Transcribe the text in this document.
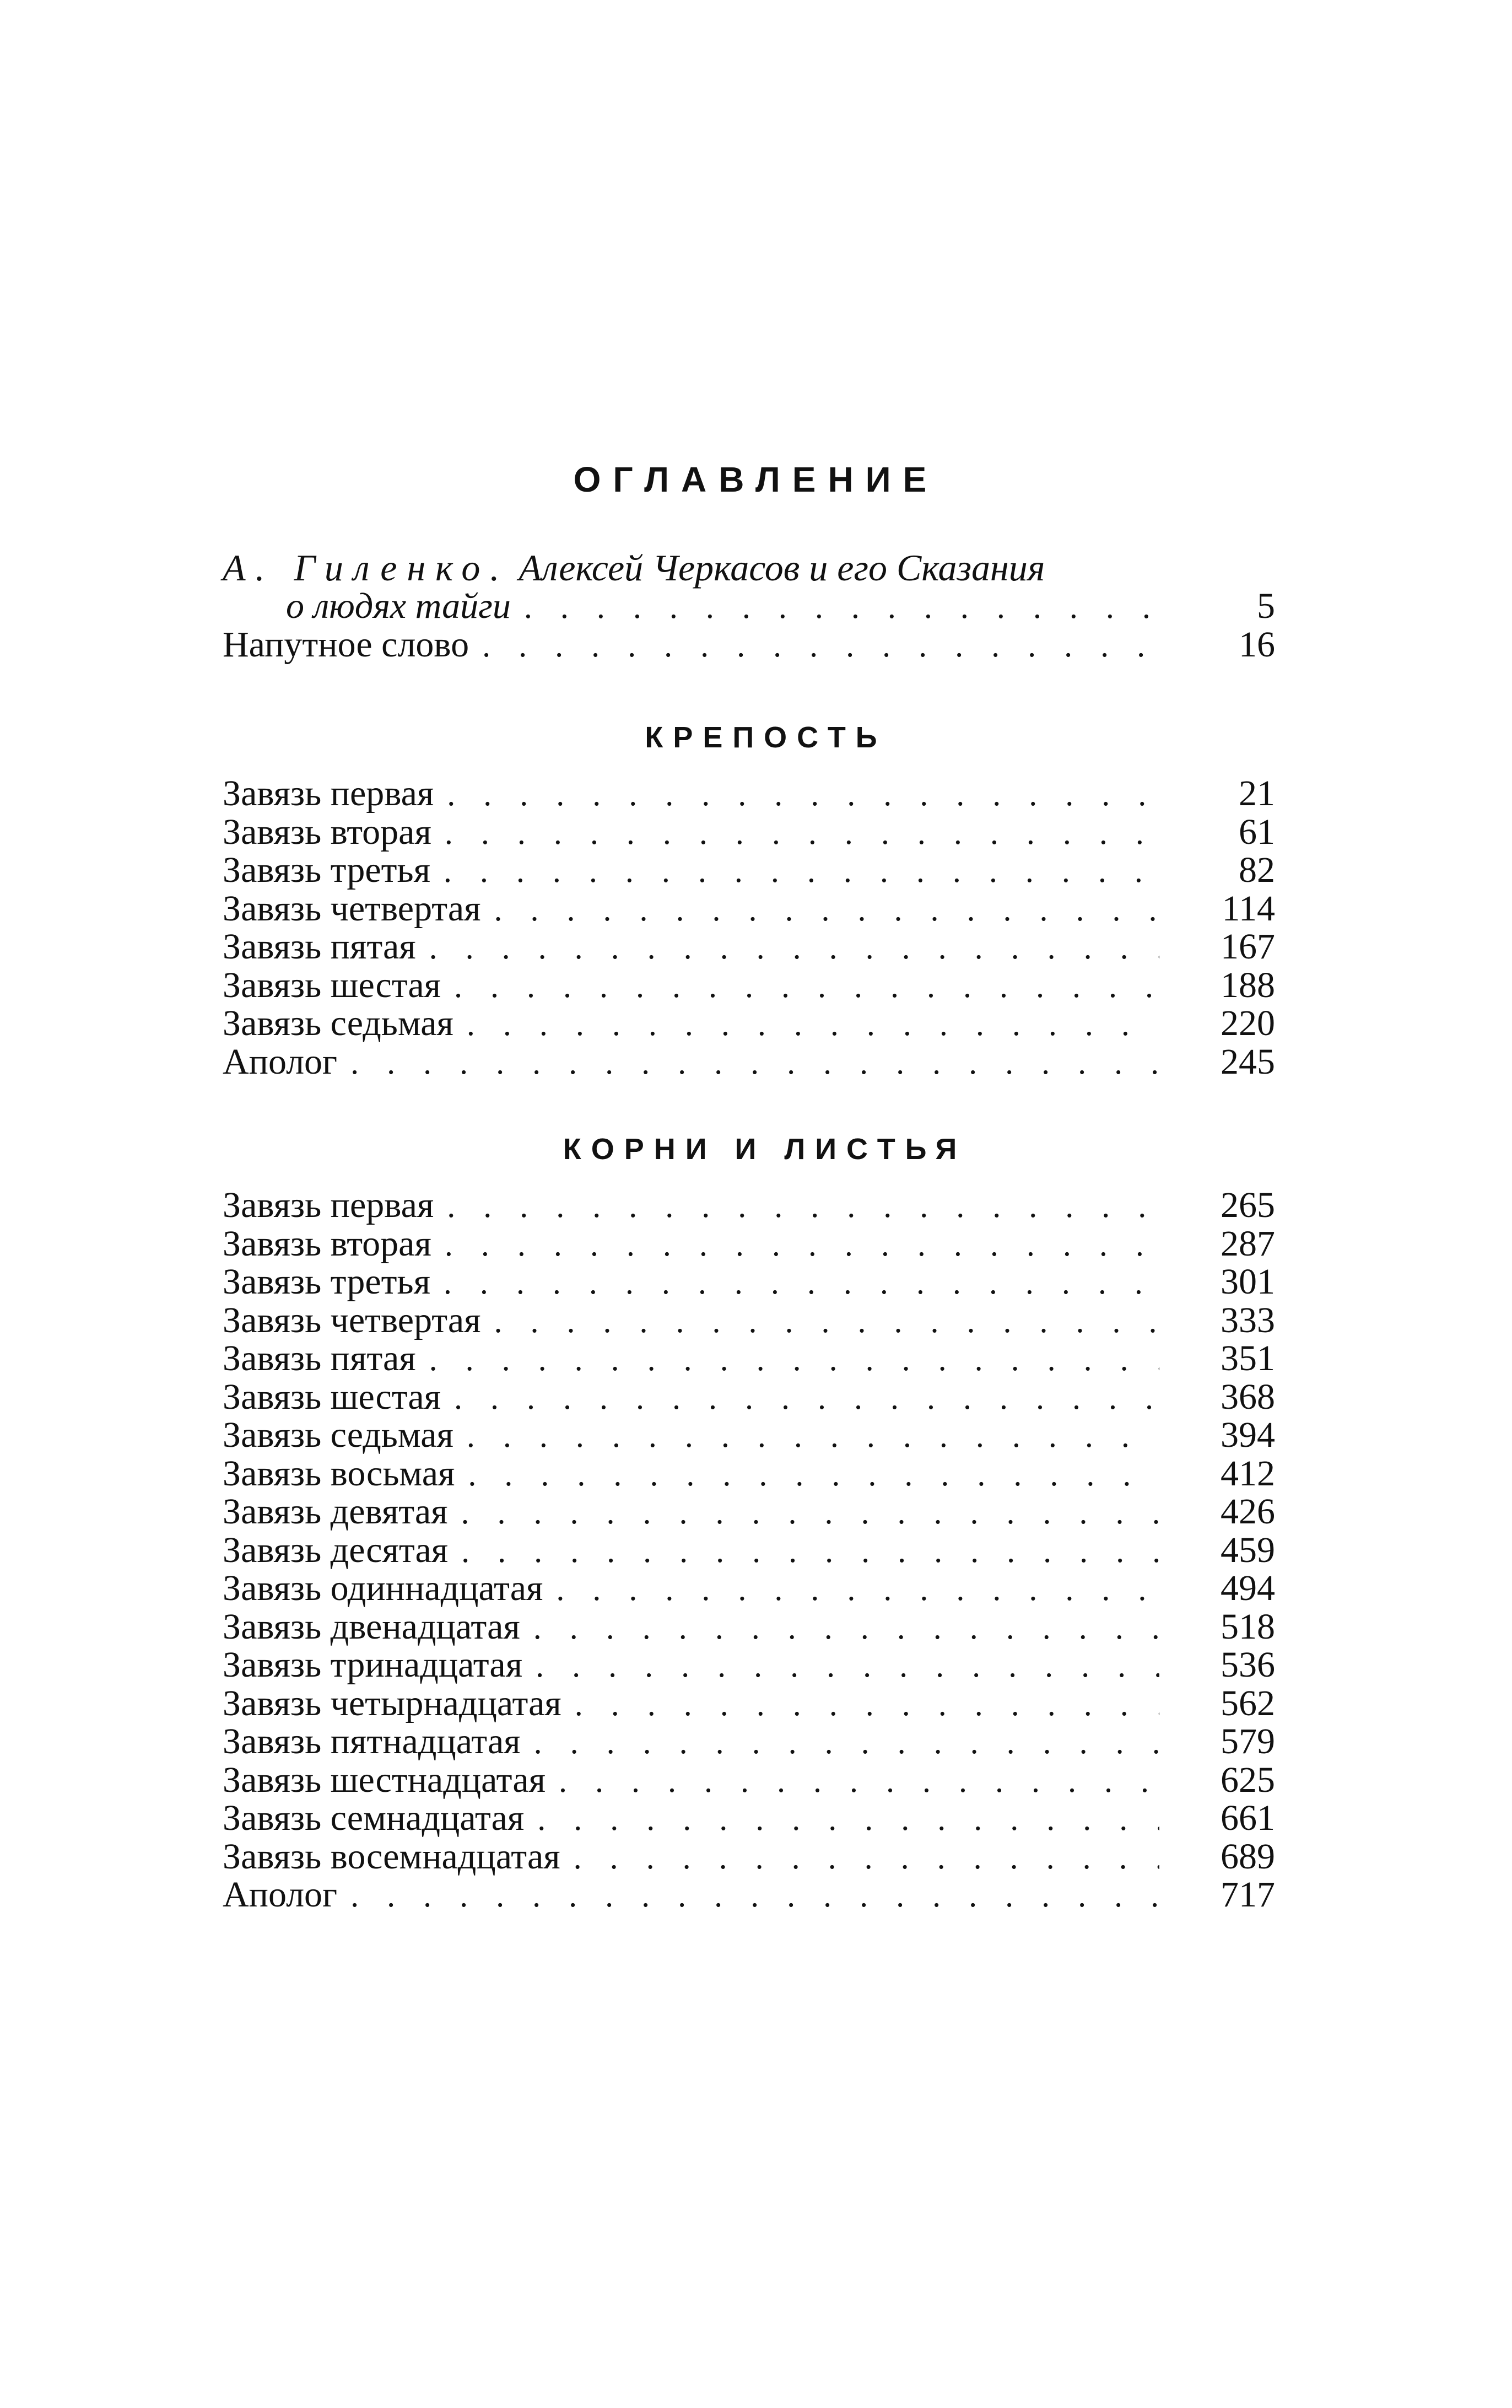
ОГЛАВЛЕНИЕ
А. Гиленко. Алексей Черкасов и его Сказания
о людях тайги . . .	5
Напутное слово . . .	16
КРЕПОСТЬ
Завязь первая . . .	21
Завязь вторая . . .	61
Завязь третья . . .	82
Завязь четвертая . . .	114
Завязь пятая . . .	167
Завязь шестая . . .	188
Завязь седьмая . . .	220
Аполог . . .	245
КОРНИ И ЛИСТЬЯ
Завязь первая . . .	265
Завязь вторая . . .	287
Завязь третья . . .	301
Завязь четвертая . . .	333
Завязь пятая . . .	351
Завязь шестая . . .	368
Завязь седьмая . . .	394
Завязь восьмая . . .	412
Завязь девятая . . .	426
Завязь десятая . . .	459
Завязь одиннадцатая . . .	494
Завязь двенадцатая . . .	518
Завязь тринадцатая . . .	536
Завязь четырнадцатая . . .	562
Завязь пятнадцатая . . .	579
Завязь шестнадцатая . . .	625
Завязь семнадцатая . . .	661
Завязь восемнадцатая . . .	689
Аполог . . .	717
